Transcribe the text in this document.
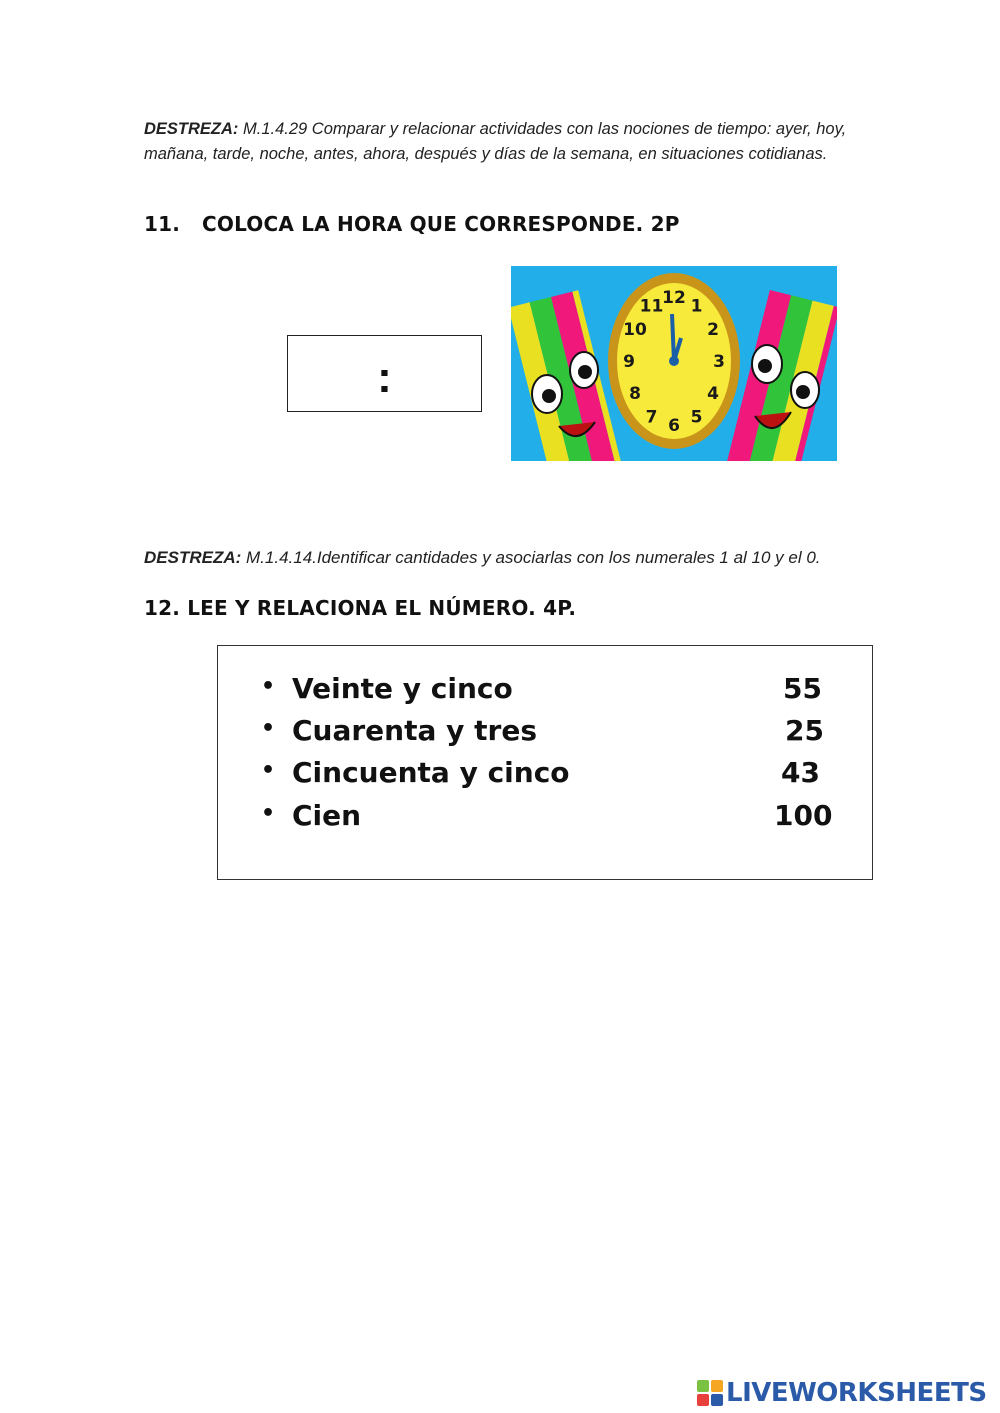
DESTREZA: M.1.4.29 Comparar y relacionar actividades con las nociones de tiempo: ayer, hoy, mañana, tarde, noche, antes, ahora, después y días de la semana, en situaciones cotidianas.
11. COLOCA LA HORA QUE CORRESPONDE. 2P
:
12 1
2
3
4
5
6
7
8
9
10
11
DESTREZA: M.1.4.14.Identificar cantidades y asociarlas con los numerales 1 al 10 y el 0.
12. LEE Y RELACIONA EL NÚMERO. 4P.
• Veinte y cinco	55
• Cuarenta y tres	25
• Cincuenta y cinco	43
• Cien	100
LIVEWORKSHEETS
